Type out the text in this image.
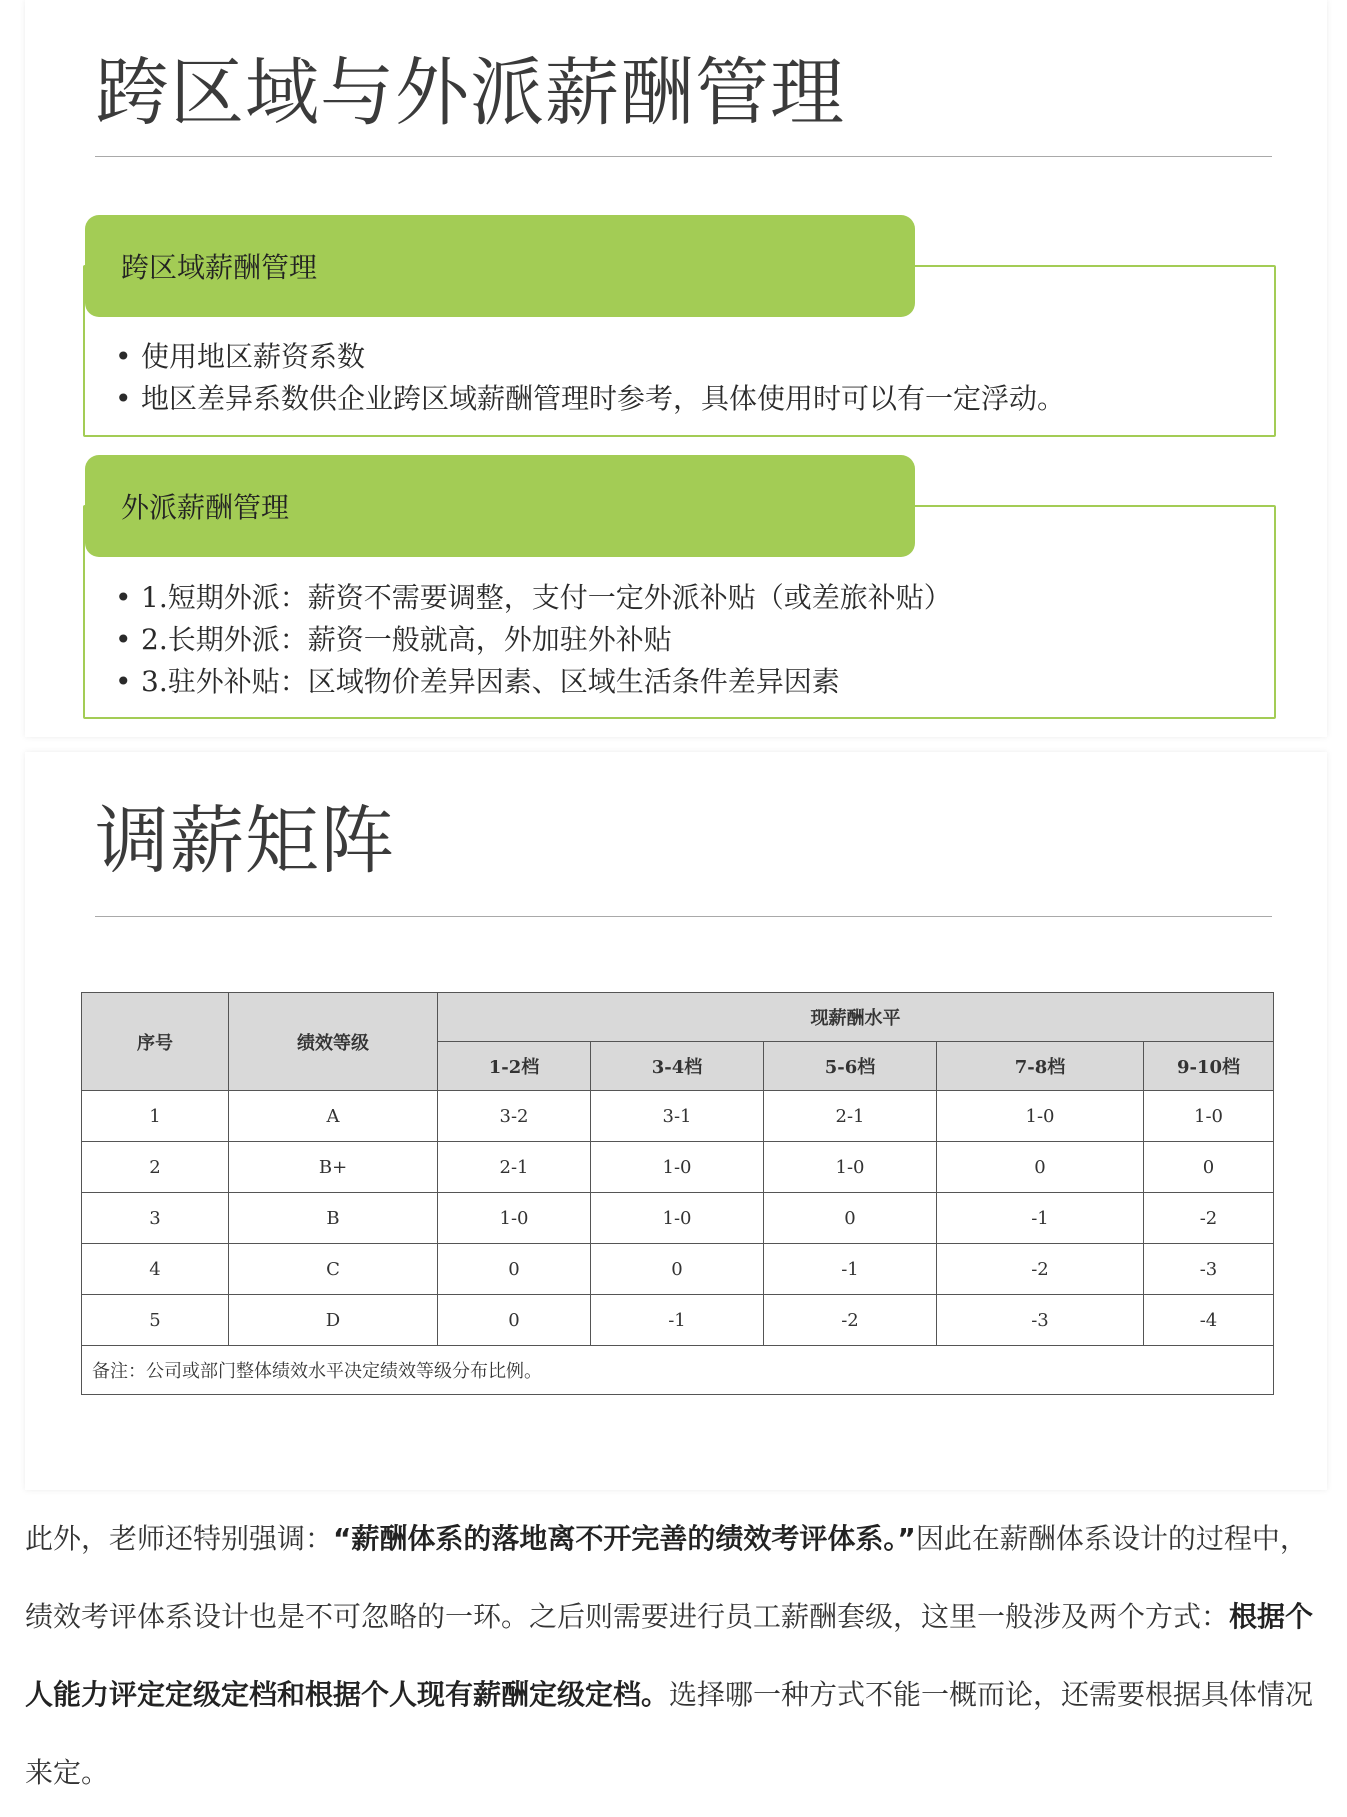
跨区域与外派薪酬管理
跨区域薪酬管理
• 使用地区薪资系数
• 地区差异系数供企业跨区域薪酬管理时参考，具体使用时可以有一定浮动。
外派薪酬管理
• 1.短期外派：薪资不需要调整，支付一定外派补贴（或差旅补贴）
• 2.长期外派：薪资一般就高，外加驻外补贴
• 3.驻外补贴：区域物价差异因素、区域生活条件差异因素
调薪矩阵
序号	绩效等级	现薪酬水平				
		1-2档	3-4档	5-6档	7-8档	9-10档
1	A	3-2	3-1	2-1	1-0	1-0
2	B+	2-1	1-0	1-0	0	0
3	B	1-0	1-0	0	-1	-2
4	C	0	0	-1	-2	-3
5	D	0	-1	-2	-3	-4
备注：公司或部门整体绩效水平决定绩效等级分布比例。						

此外，老师还特别强调：“薪酬体系的落地离不开完善的绩效考评体系。”因此在薪酬体系设计的过程中，绩效考评体系设计也是不可忽略的一环。之后则需要进行员工薪酬套级，这里一般涉及两个方式：根据个人能力评定定级定档和根据个人现有薪酬定级定档。选择哪一种方式不能一概而论，还需要根据具体情况来定。
